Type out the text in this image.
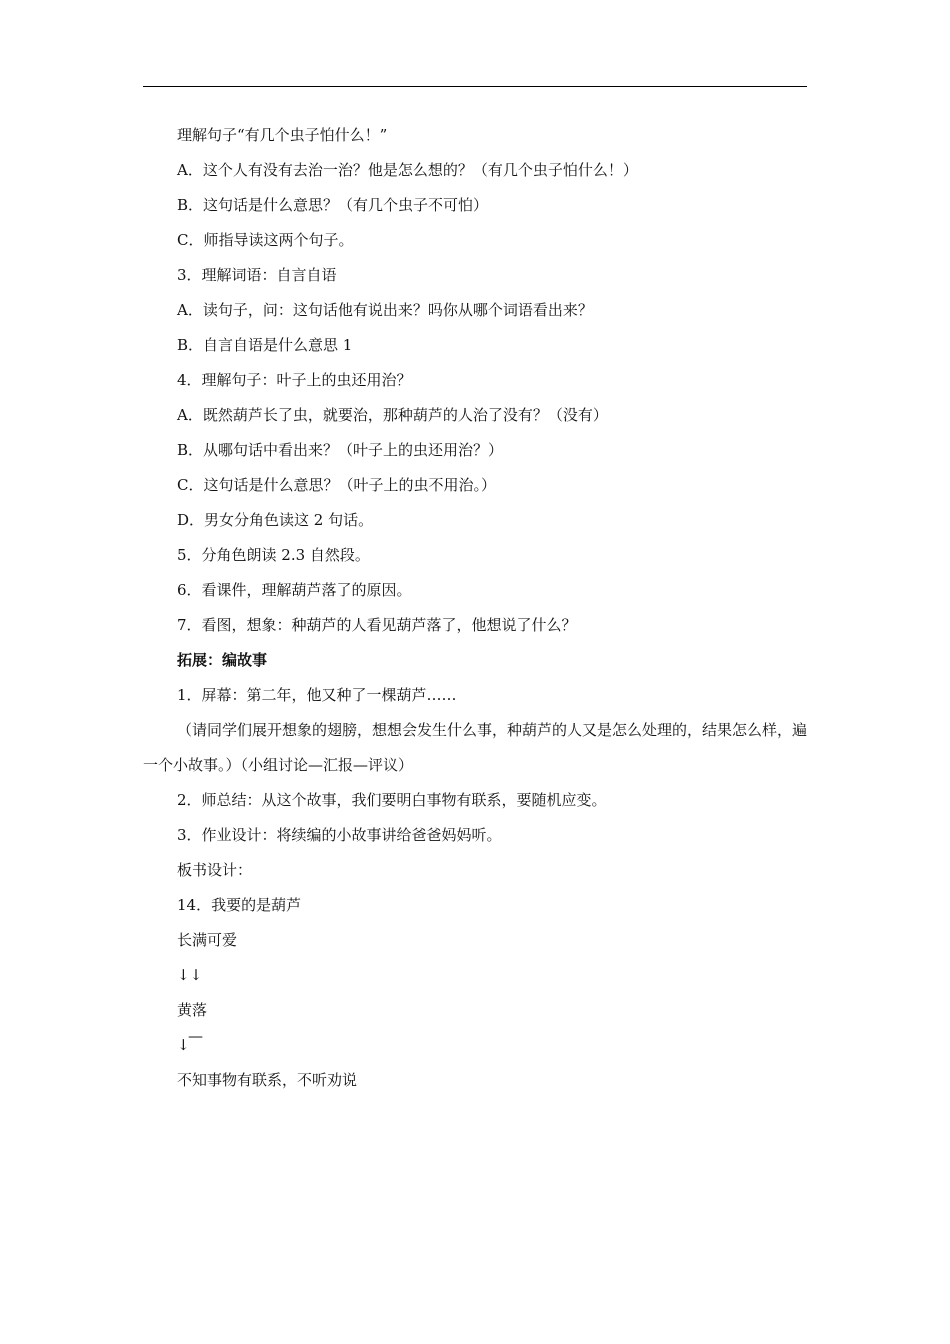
理解句子“有几个虫子怕什么！”

A．这个人有没有去治一治？他是怎么想的？（有几个虫子怕什么！）

B．这句话是什么意思？（有几个虫子不可怕）

C．师指导读这两个句子。

3．理解词语：自言自语

A．读句子，问：这句话他有说出来？吗你从哪个词语看出来？

B．自言自语是什么意思 1

4．理解句子：叶子上的虫还用治？

A．既然葫芦长了虫，就要治，那种葫芦的人治了没有？（没有）

B．从哪句话中看出来？（叶子上的虫还用治？）

C．这句话是什么意思？（叶子上的虫不用治。）

D．男女分角色读这 2 句话。

5．分角色朗读 2.3 自然段。

6．看课件，理解葫芦落了的原因。

7．看图，想象：种葫芦的人看见葫芦落了，他想说了什么？

拓展：编故事

1．屏幕：第二年，他又种了一棵葫芦……

（请同学们展开想象的翅膀，想想会发生什么事，种葫芦的人又是怎么处理的，结果怎么样，遍一个小故事。）（小组讨论—汇报—评议）

2．师总结：从这个故事，我们要明白事物有联系，要随机应变。

3．作业设计：将续编的小故事讲给爸爸妈妈听。

板书设计：

14．我要的是葫芦

长满可爱

↓↓

黄落

↓
—

不知事物有联系，不听劝说
